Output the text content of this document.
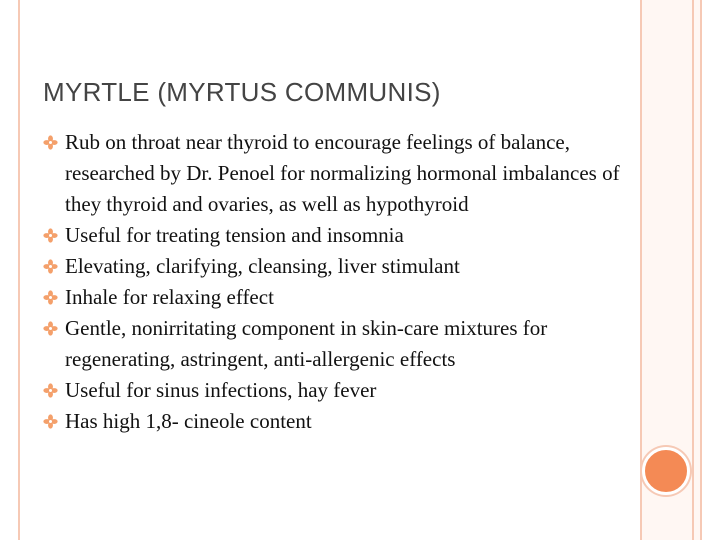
MYRTLE (MYRTUS COMMUNIS)
Rub on throat near thyroid to encourage feelings of balance, researched by Dr. Penoel for normalizing hormonal imbalances of they thyroid and ovaries, as well as hypothyroid
Useful for treating tension and insomnia
Elevating, clarifying, cleansing, liver stimulant
Inhale for relaxing effect
Gentle, nonirritating component in skin-care mixtures for regenerating, astringent, anti-allergenic effects
Useful for sinus infections, hay fever
Has high 1,8- cineole content
